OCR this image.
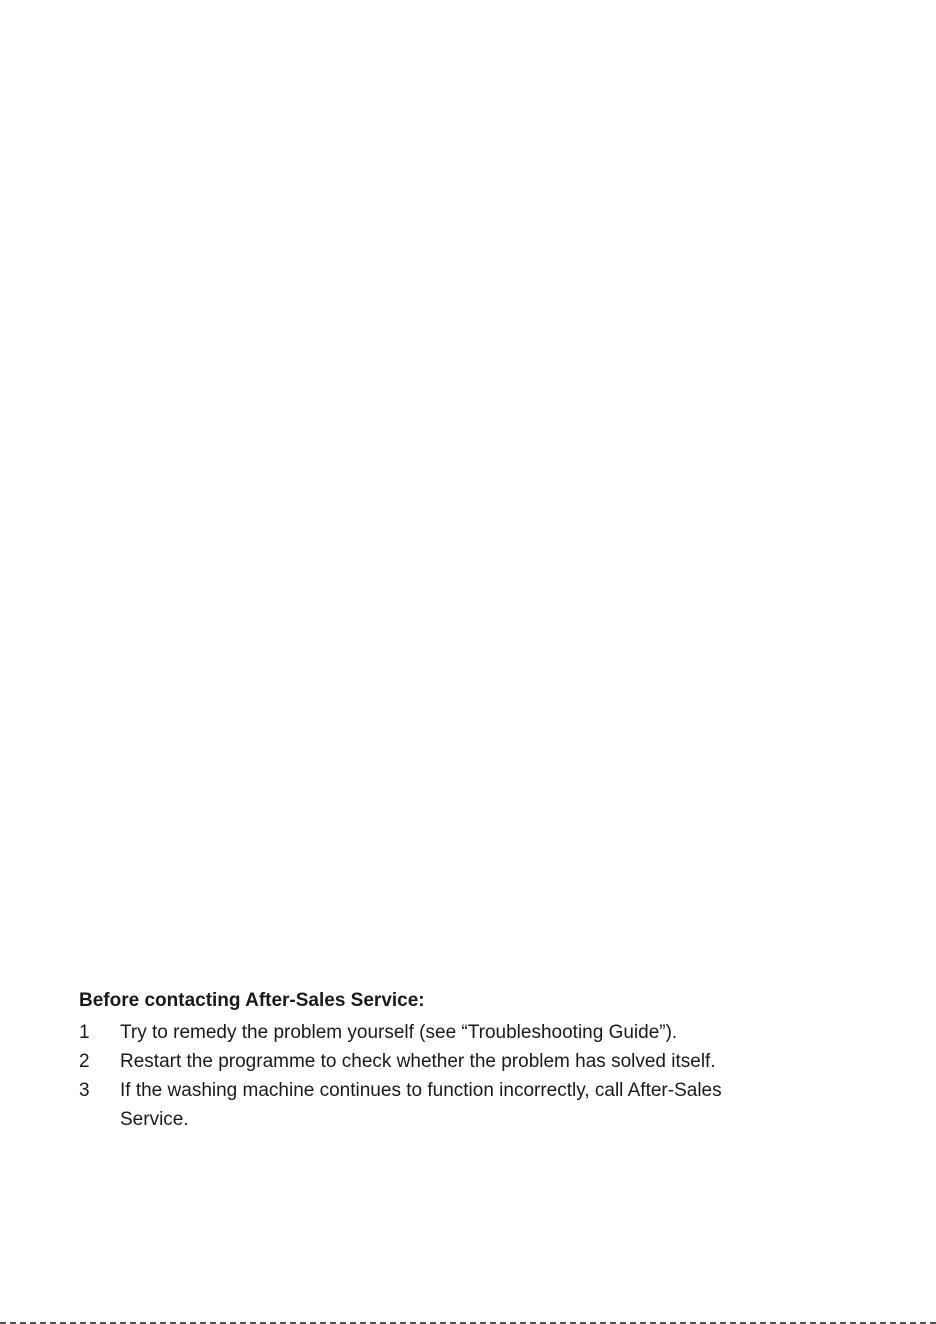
Before contacting After-Sales Service:
1	Try to remedy the problem yourself (see “Troubleshooting Guide”).
2	Restart the programme to check whether the problem has solved itself.
3	If the washing machine continues to function incorrectly, call After-Sales Service.
